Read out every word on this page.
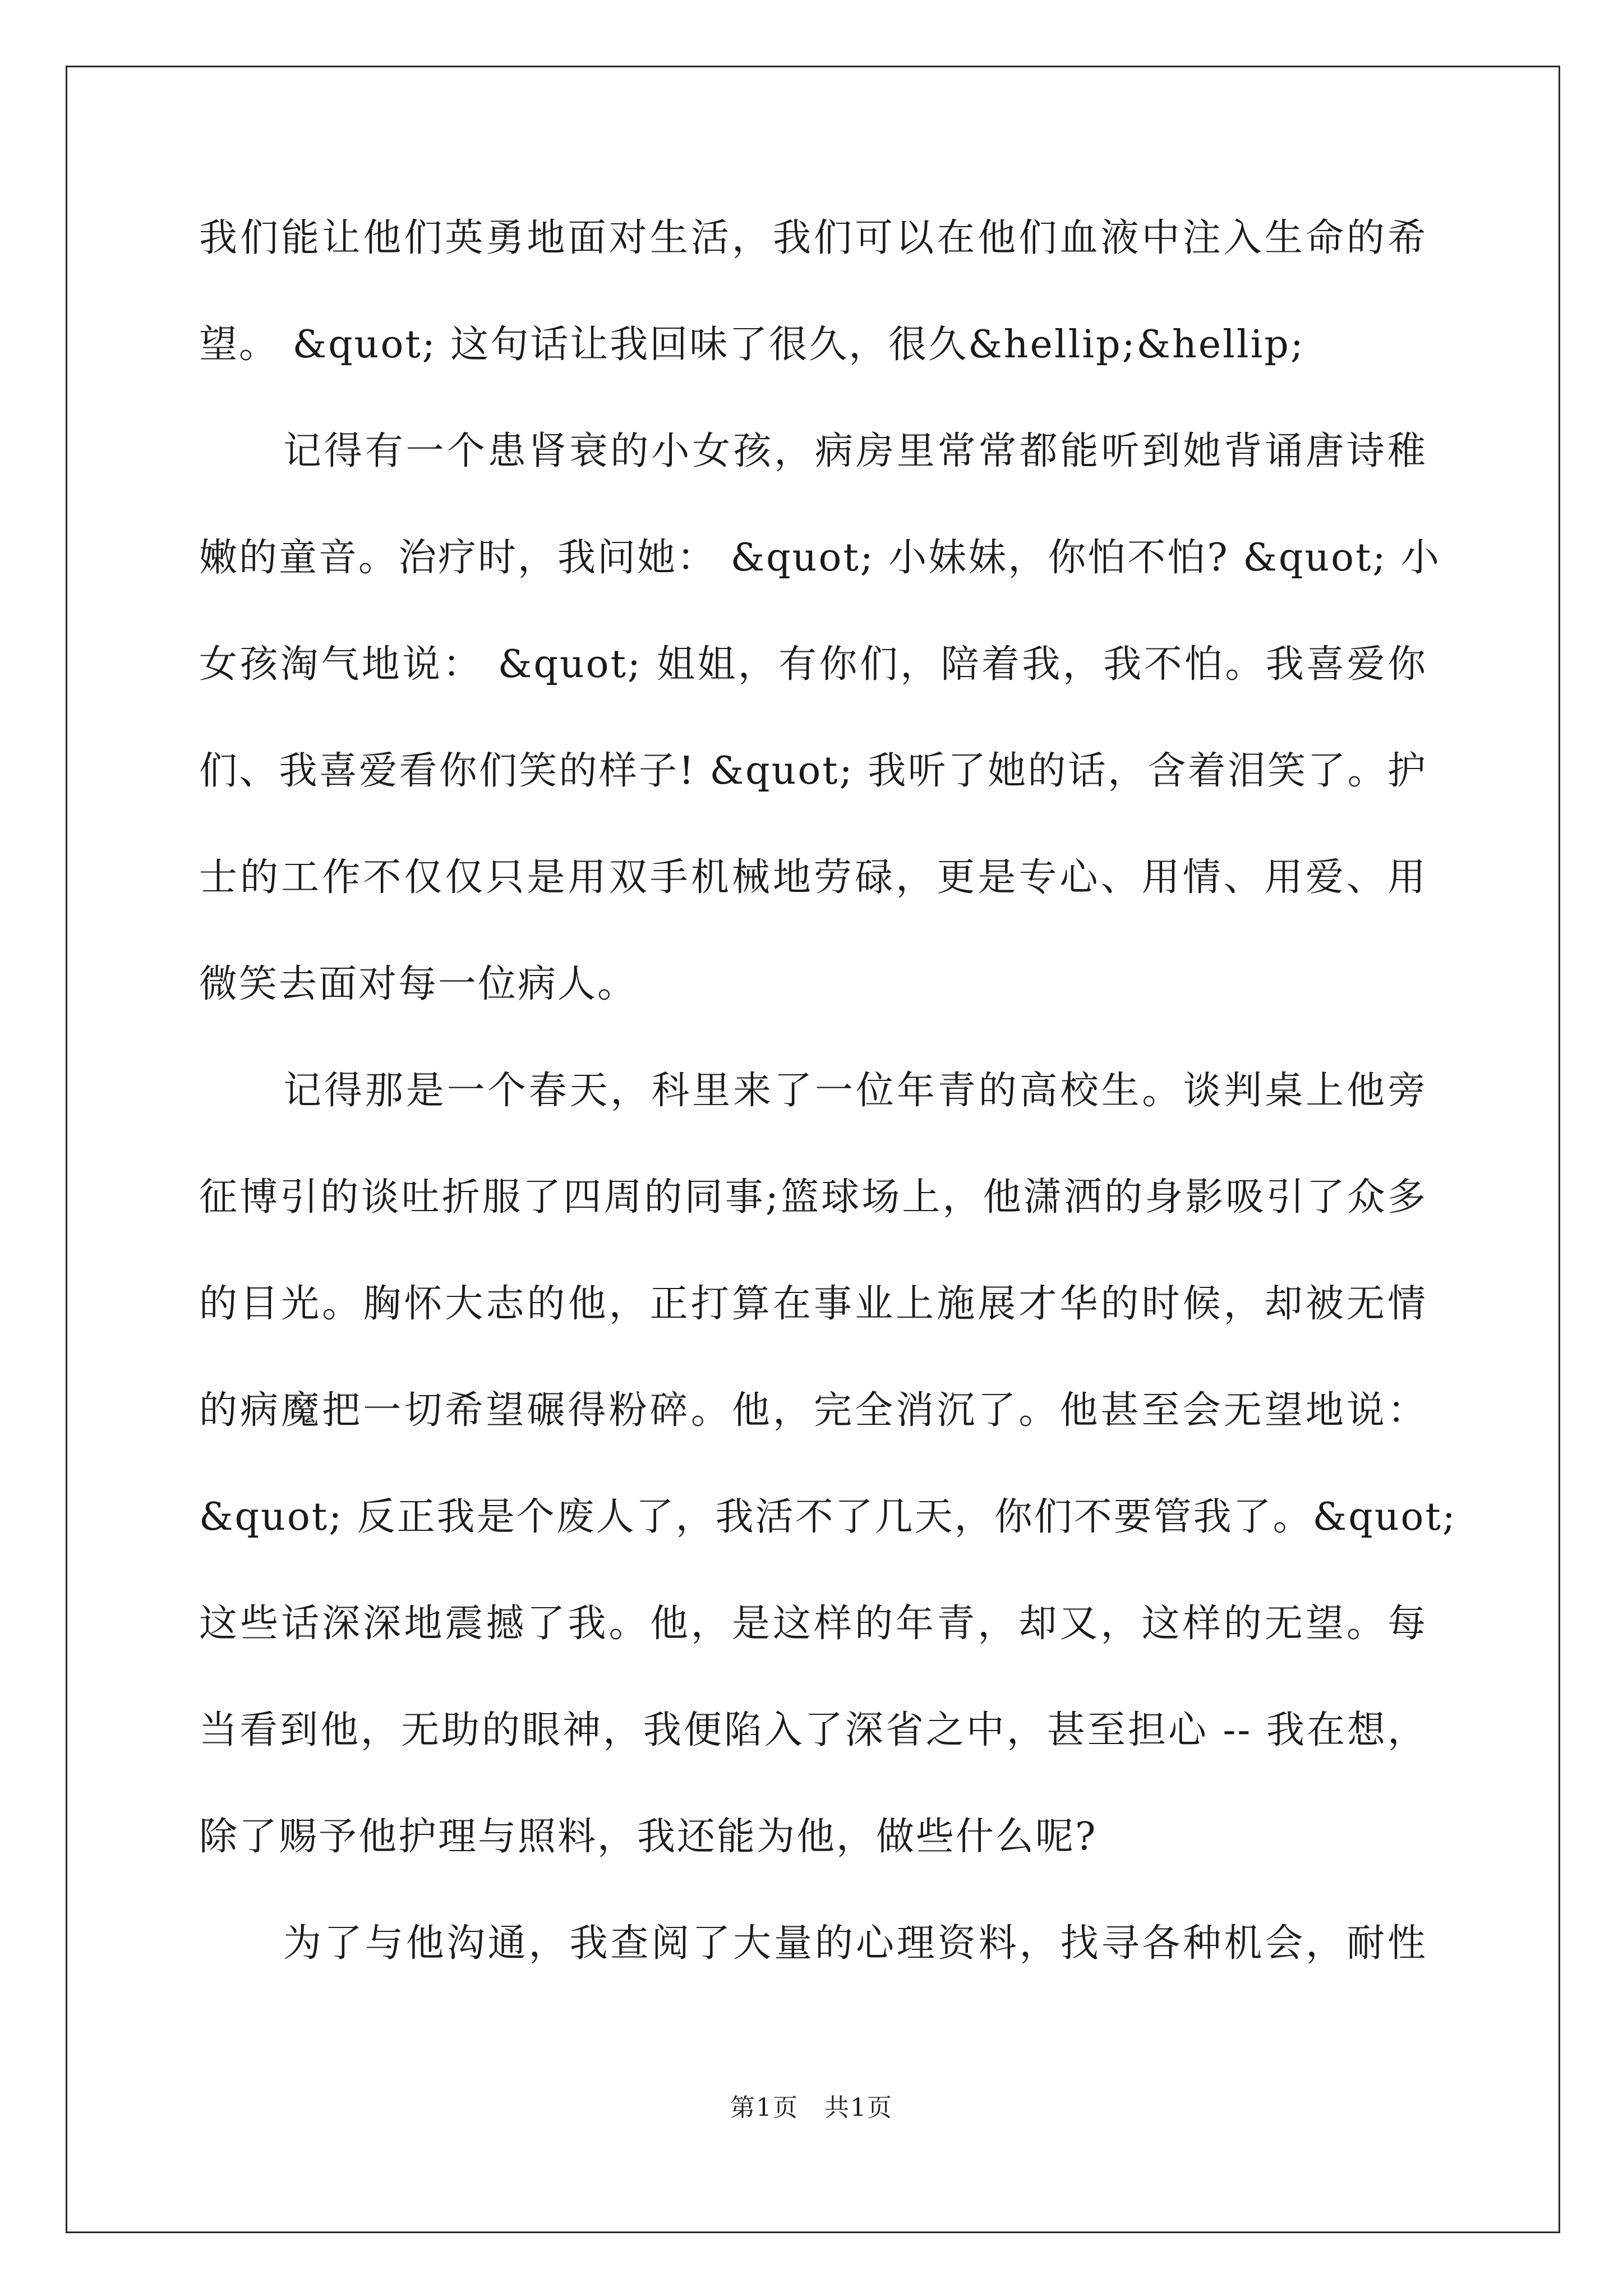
我们能让他们英勇地面对生活，我们可以在他们血液中注入生命的希
望。 &quot; 这句话让我回味了很久，很久&hellip;&hellip;
记得有一个患肾衰的小女孩，病房里常常都能听到她背诵唐诗稚
嫩的童音。治疗时，我问她： &quot; 小妹妹，你怕不怕? &quot; 小
女孩淘气地说： &quot; 姐姐，有你们，陪着我，我不怕。我喜爱你
们、我喜爱看你们笑的样子! &quot; 我听了她的话，含着泪笑了。护
士的工作不仅仅只是用双手机械地劳碌，更是专心、用情、用爱、用
微笑去面对每一位病人。
记得那是一个春天，科里来了一位年青的高校生。谈判桌上他旁
征博引的谈吐折服了四周的同事;篮球场上，他潇洒的身影吸引了众多
的目光。胸怀大志的他，正打算在事业上施展才华的时候，却被无情
的病魔把一切希望碾得粉碎。他，完全消沉了。他甚至会无望地说：
&quot; 反正我是个废人了，我活不了几天，你们不要管我了。&quot;
这些话深深地震撼了我。他，是这样的年青，却又，这样的无望。每
当看到他，无助的眼神，我便陷入了深省之中，甚至担心 -- 我在想，
除了赐予他护理与照料，我还能为他，做些什么呢?
为了与他沟通，我查阅了大量的心理资料，找寻各种机会，耐性
第1页　共1页
